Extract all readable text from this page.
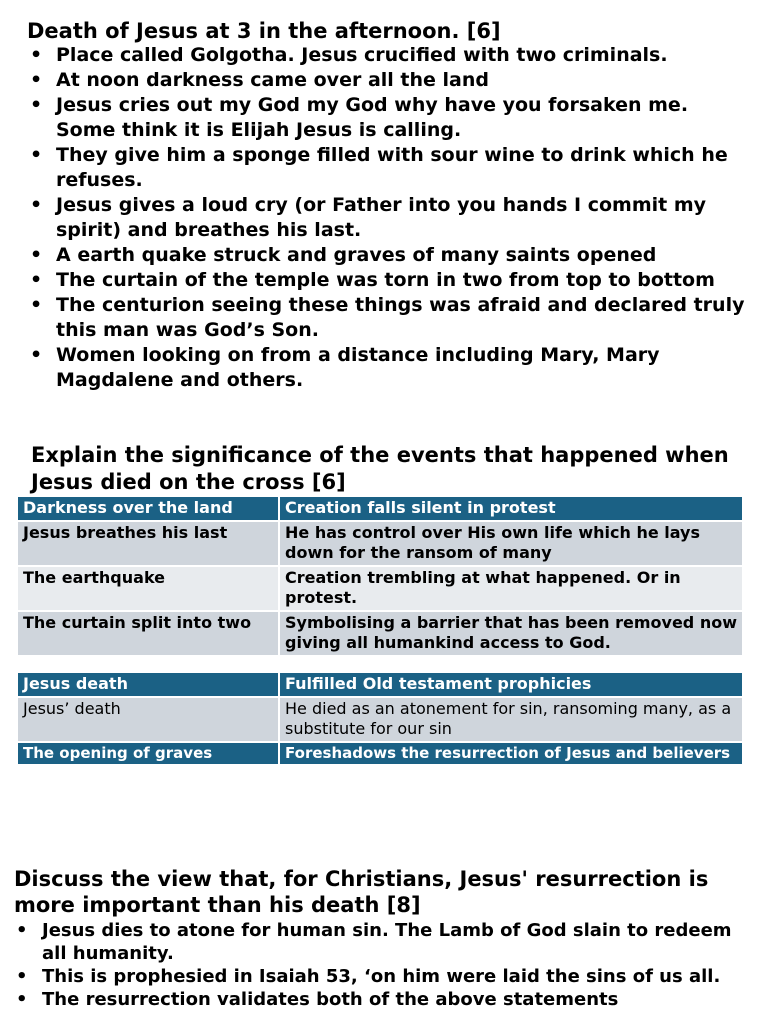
Death of Jesus at 3 in the afternoon. [6]
• Place called Golgotha. Jesus crucified with two criminals.
• At noon darkness came over all the land
• Jesus cries out my God my God why have you forsaken me. Some think it is Elijah Jesus is calling.
• They give him a sponge filled with sour wine to drink which he refuses.
• Jesus gives a loud cry (or Father into you hands I commit my spirit) and breathes his last.
• A earth quake struck and graves of many saints opened
• The curtain of the temple was torn in two from top to bottom
• The centurion seeing these things was afraid and declared truly this man was God’s Son.
• Women looking on from a distance including Mary, Mary Magdalene and others.
Explain the significance of the events that happened when Jesus died on the cross [6]
Darkness over the land	Creation falls silent in protest
Jesus breathes his last	He has control over His own life which he lays down for the ransom of many
The earthquake	Creation trembling at what happened. Or in protest.
The curtain split into two	Symbolising a barrier that has been removed now giving all humankind access to God.
Jesus death	Fulfilled Old testament prophicies
Jesus’ death	He died as an atonement for sin, ransoming many, as a substitute for our sin
The opening of graves	Foreshadows the resurrection of Jesus and believers
Discuss the view that, for Christians, Jesus' resurrection is more important than his death [8]
• Jesus dies to atone for human sin. The Lamb of God slain to redeem all humanity.
• This is prophesied in Isaiah 53, ‘on him were laid the sins of us all.
• The resurrection validates both of the above statements
